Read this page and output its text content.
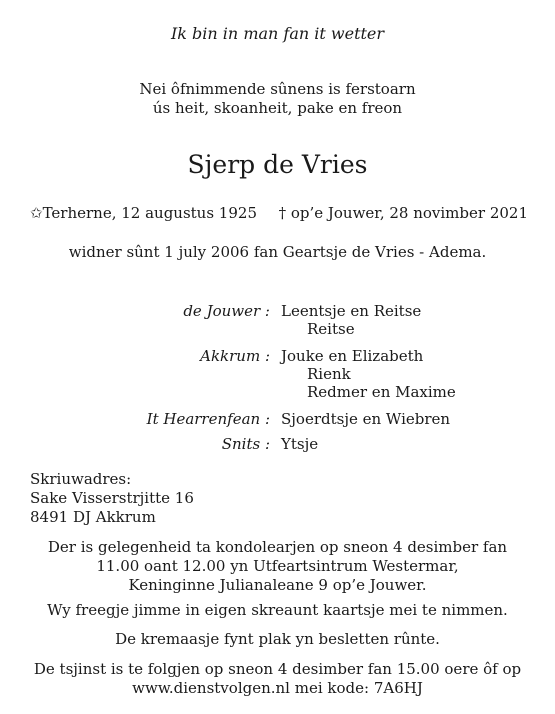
Ik bin in man fan it wetter
Nei ôfnimmende sûnens is ferstoarn
ús heit, skoanheit, pake en freon
Sjerp de Vries
✩Terherne, 12 augustus 1925 † op’e Jouwer, 28 novimber 2021
widner sûnt 1 july 2006 fan Geartsje de Vries - Adema.
de Jouwer : Leentsje en Reitse
Reitse
Akkrum : Jouke en Elizabeth
Rienk
Redmer en Maxime
It Hearrenfean : Sjoerdtsje en Wiebren
Snits : Ytsje
Skriuwadres:
Sake Visserstrjitte 16
8491 DJ Akkrum
Der is gelegenheid ta kondolearjen op sneon 4 desimber fan
11.00 oant 12.00 yn Utfeartsintrum Westermar,
Keninginne Julianaleane 9 op’e Jouwer.
Wy freegje jimme in eigen skreaunt kaartsje mei te nimmen.
De kremaasje fynt plak yn besletten rûnte.
De tsjinst is te folgjen op sneon 4 desimber fan 15.00 oere ôf op
www.dienstvolgen.nl mei kode: 7A6HJ
